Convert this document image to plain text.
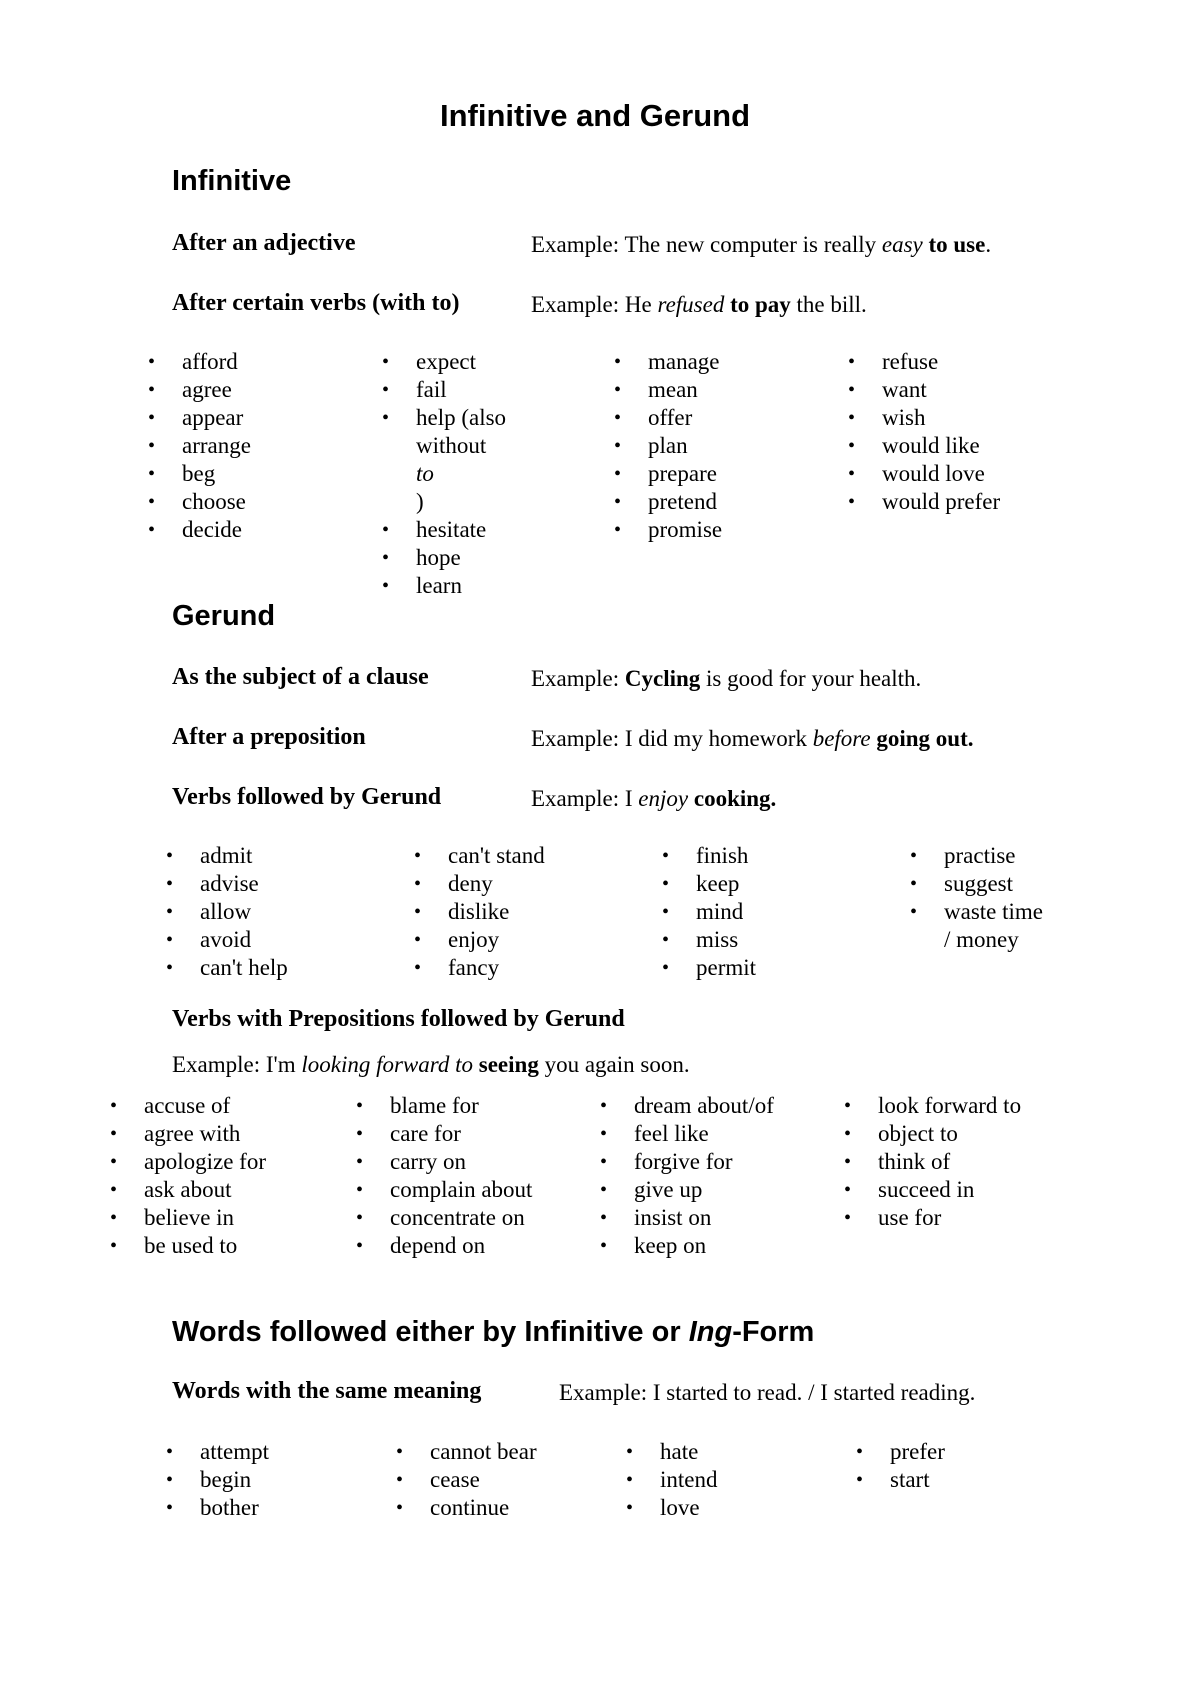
Infinitive and Gerund
Infinitive
After an adjective	Example: The new computer is really easy to use.
After certain verbs (with to)	Example: He refused to pay the bill.
• afford
• agree
• appear
• arrange
• beg
• choose
• decide
• expect
• fail
• help (also
without
to
)
• hesitate
• hope
• learn
• manage
• mean
• offer
• plan
• prepare
• pretend
• promise
• refuse
• want
• wish
• would like
• would love
• would prefer
Gerund
As the subject of a clause	Example: Cycling is good for your health.
After a preposition	Example: I did my homework before going out.
Verbs followed by Gerund	Example: I enjoy cooking.
• admit
• advise
• allow
• avoid
• can't help
• can't stand
• deny
• dislike
• enjoy
• fancy
• finish
• keep
• mind
• miss
• permit
• practise
• suggest
• waste time
/ money
Verbs with Prepositions followed by Gerund
Example: I'm looking forward to seeing you again soon.
• accuse of
• agree with
• apologize for
• ask about
• believe in
• be used to
• blame for
• care for
• carry on
• complain about
• concentrate on
• depend on
• dream about/of
• feel like
• forgive for
• give up
• insist on
• keep on
• look forward to
• object to
• think of
• succeed in
• use for
Words followed either by Infinitive or Ing-Form
Words with the same meaning	Example: I started to read. / I started reading.
• attempt
• begin
• bother
• cannot bear
• cease
• continue
• hate
• intend
• love
• prefer
• start
